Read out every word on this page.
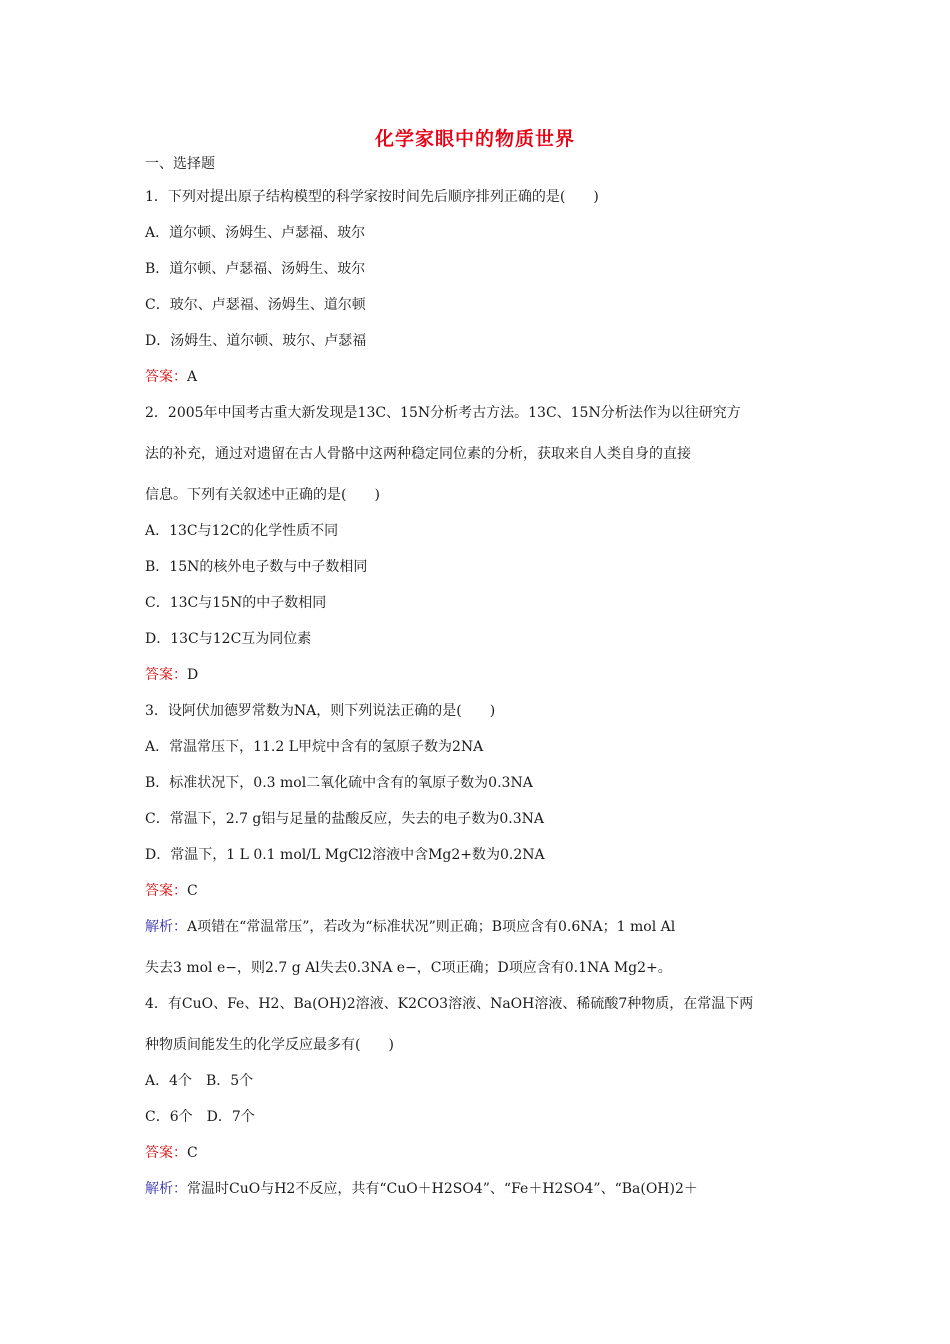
化学家眼中的物质世界
一、选择题
1．下列对提出原子结构模型的科学家按时间先后顺序排列正确的是(　　)
A．道尔顿、汤姆生、卢瑟福、玻尔
B．道尔顿、卢瑟福、汤姆生、玻尔
C．玻尔、卢瑟福、汤姆生、道尔顿
D．汤姆生、道尔顿、玻尔、卢瑟福
答案：A
2．2005年中国考古重大新发现是13C、15N分析考古方法。13C、15N分析法作为以往研究方
法的补充，通过对遗留在古人骨骼中这两种稳定同位素的分析，获取来自人类自身的直接
信息。下列有关叙述中正确的是(　　)
A．13C与12C的化学性质不同
B．15N的核外电子数与中子数相同
C．13C与15N的中子数相同
D．13C与12C互为同位素
答案：D
3．设阿伏加德罗常数为NA，则下列说法正确的是(　　)
A．常温常压下，11.2 L甲烷中含有的氢原子数为2NA
B．标准状况下，0.3 mol二氧化硫中含有的氧原子数为0.3NA
C．常温下，2.7 g铝与足量的盐酸反应，失去的电子数为0.3NA
D．常温下，1 L 0.1 mol/L MgCl2溶液中含Mg2+数为0.2NA
答案：C
解析：A项错在“常温常压”，若改为“标准状况”则正确；B项应含有0.6NA；1 mol Al
失去3 mol e−，则2.7 g Al失去0.3NA e−，C项正确；D项应含有0.1NA Mg2+。
4．有CuO、Fe、H2、Ba(OH)2溶液、K2CO3溶液、NaOH溶液、稀硫酸7种物质，在常温下两
种物质间能发生的化学反应最多有(　　)
A．4个　B．5个
C．6个　D．7个
答案：C
解析：常温时CuO与H2不反应，共有“CuO＋H2SO4”、“Fe＋H2SO4”、“Ba(OH)2＋
